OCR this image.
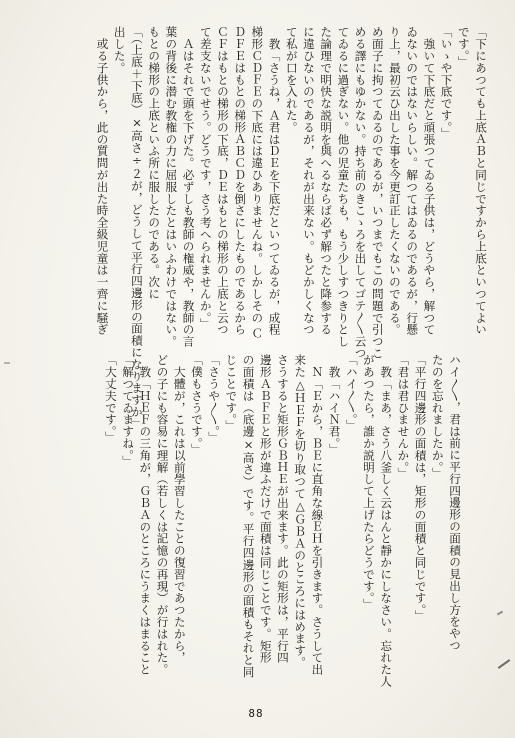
「下にあつても上底ＡＢと同じですから上底といつてよい
です。」
「いゝや下底です。」
　強いて下底だと頑張つてゐる子供は，どうやら，解つて
ゐないのではないらしい。解つてはゐるのであるが，行懸
り上，最初云ひ出した事を今更訂正したくないのである。
め面子に拘つてゐるのであるが，いつまでもこの問題で引つこ
める譯にもゆかない。持ち前のきこゝろを出してゴテ〳〵云つ
てゐるに過ぎない。他の児童たちも，もう少しすつきりとし
た論理で明快な説明を與へるならば必ず解つたと降参する
に違ひないのであるが，それが出来ない。もどかしくなつ
て私が口を入れた。
　教「さうね，Ａ君はＤＥを下底だといつてゐるが，成程
梯形ＣＤＦＥの下底には違ひありませんね。しかしその Ｃ
ＤＦＥはもとの梯形ＡＢＣＤを倒さにしたものであるから
ＣＦはもとの梯形の下底，ＤＥはもとの梯形の上底と云つ
て差支ないでせう。どうです，さう考へられませんか。」
　Ａはそれで頭を下げた。必ずしも教師の権威や，教師の言
葉の背後に潜む教権の力に屈服したとはいふわけではない。
もとの梯形の上底といふ所に服したのである。次に
「（上底＋下底）×高さ÷２が，どうして平行四邊形の面積になりますか」
出した。
　或る子供から，此の質問が出た時全級児童は一齊に騒ぎ
ハイ〳〵，君は前に平行四邊形の面積の見出し方をやつ
たのを忘れましたか。」
「平行四邊形の面積は，矩形の面積と同じです。」
「君は君ひませんか。」
　教「まあ，さう八釜しく云はんと靜かにしなさい。忘れた人
があつたら，誰か説明して上げたらどうです。」
「ハイ〳〵。」
　教「ハイＮ君。」
　Ｎ「Ｅから，ＢＥに直角な線ＥＨを引きます。さうして出
来た△ＨＥＦを切り取つて△ＧＢＡのところにはめます。
さうすると矩形ＧＢＨＥが出来ます。此の矩形は，平行四
邊形ＡＢＦＥと形が違ふだけで面積は同じことです。矩形
の面積は（底邊×高さ）です。平行四邊形の面積もそれと同
じことです。」
「さうや〳〵。」
「僕もさうです。」
　大體が，これは以前學習したことの復習であつたから，
どの子にも容易に理解（若しくは記憶の再現）が行はれた。
　教「ＨＥＦの三角が，ＧＢＡのところにうまくはまること
「解つてゐますね。」
「大丈夫です。」
88
